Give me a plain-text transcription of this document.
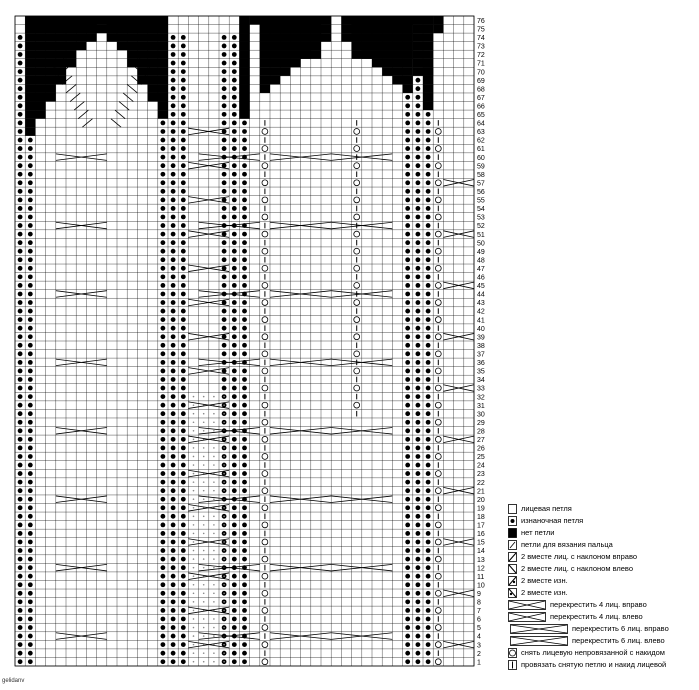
1
2
3
4
5
6
7
8
9
10
11
12
13
14
15
16
17
18
19
20
21
22
23
24
25
26
27
28
29
30
31
32
33
34
35
36
37
38
39
40
41
42
43
44
45
46
47
48
49
50
51
52
53
54
55
56
57
58
59
60
61
62
63
64
65
66
67
68
69
70
71
72
73
74
75
76
лицевая петля
изнаночная петля
нет петли
петли для вязания пальца
2 вместе лиц. с наклоном вправо
2 вместе лиц. с наклоном влево
2 вместе изн.
2 вместе изн.
перекрестить 4 лиц. вправо
перекрестить 4 лиц. влево
перекрестить 6 лиц. вправо
перекрестить 6 лиц. влево
снять лицевую непровязанной с накидом
провязать снятую петлю и накид лицевой
gelidanv
